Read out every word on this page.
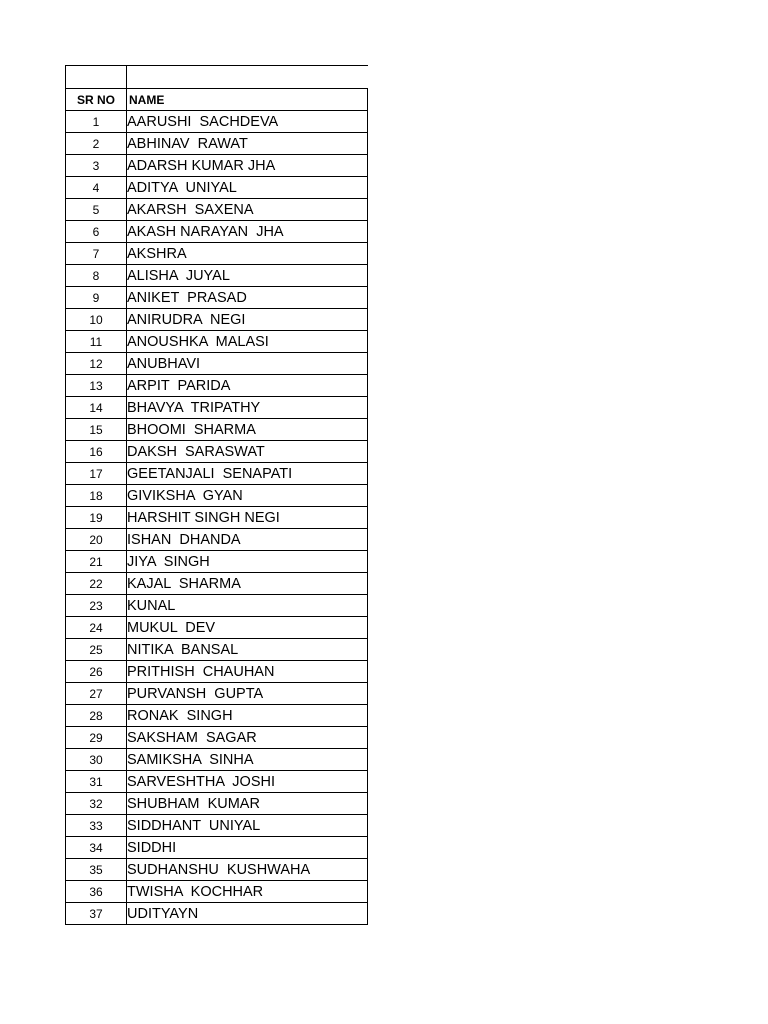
SR NO	NAME
1	AARUSHI  SACHDEVA
2	ABHINAV  RAWAT
3	ADARSH KUMAR JHA
4	ADITYA  UNIYAL
5	AKARSH  SAXENA
6	AKASH NARAYAN  JHA
7	AKSHRA
8	ALISHA  JUYAL
9	ANIKET  PRASAD
10	ANIRUDRA  NEGI
11	ANOUSHKA  MALASI
12	ANUBHAVI
13	ARPIT  PARIDA
14	BHAVYA  TRIPATHY
15	BHOOMI  SHARMA
16	DAKSH  SARASWAT
17	GEETANJALI  SENAPATI
18	GIVIKSHA  GYAN
19	HARSHIT SINGH NEGI
20	ISHAN  DHANDA
21	JIYA  SINGH
22	KAJAL  SHARMA
23	KUNAL
24	MUKUL  DEV
25	NITIKA  BANSAL
26	PRITHISH  CHAUHAN
27	PURVANSH  GUPTA
28	RONAK  SINGH
29	SAKSHAM  SAGAR
30	SAMIKSHA  SINHA
31	SARVESHTHA  JOSHI
32	SHUBHAM  KUMAR
33	SIDDHANT  UNIYAL
34	SIDDHI
35	SUDHANSHU  KUSHWAHA
36	TWISHA  KOCHHAR
37	UDITYAYN
